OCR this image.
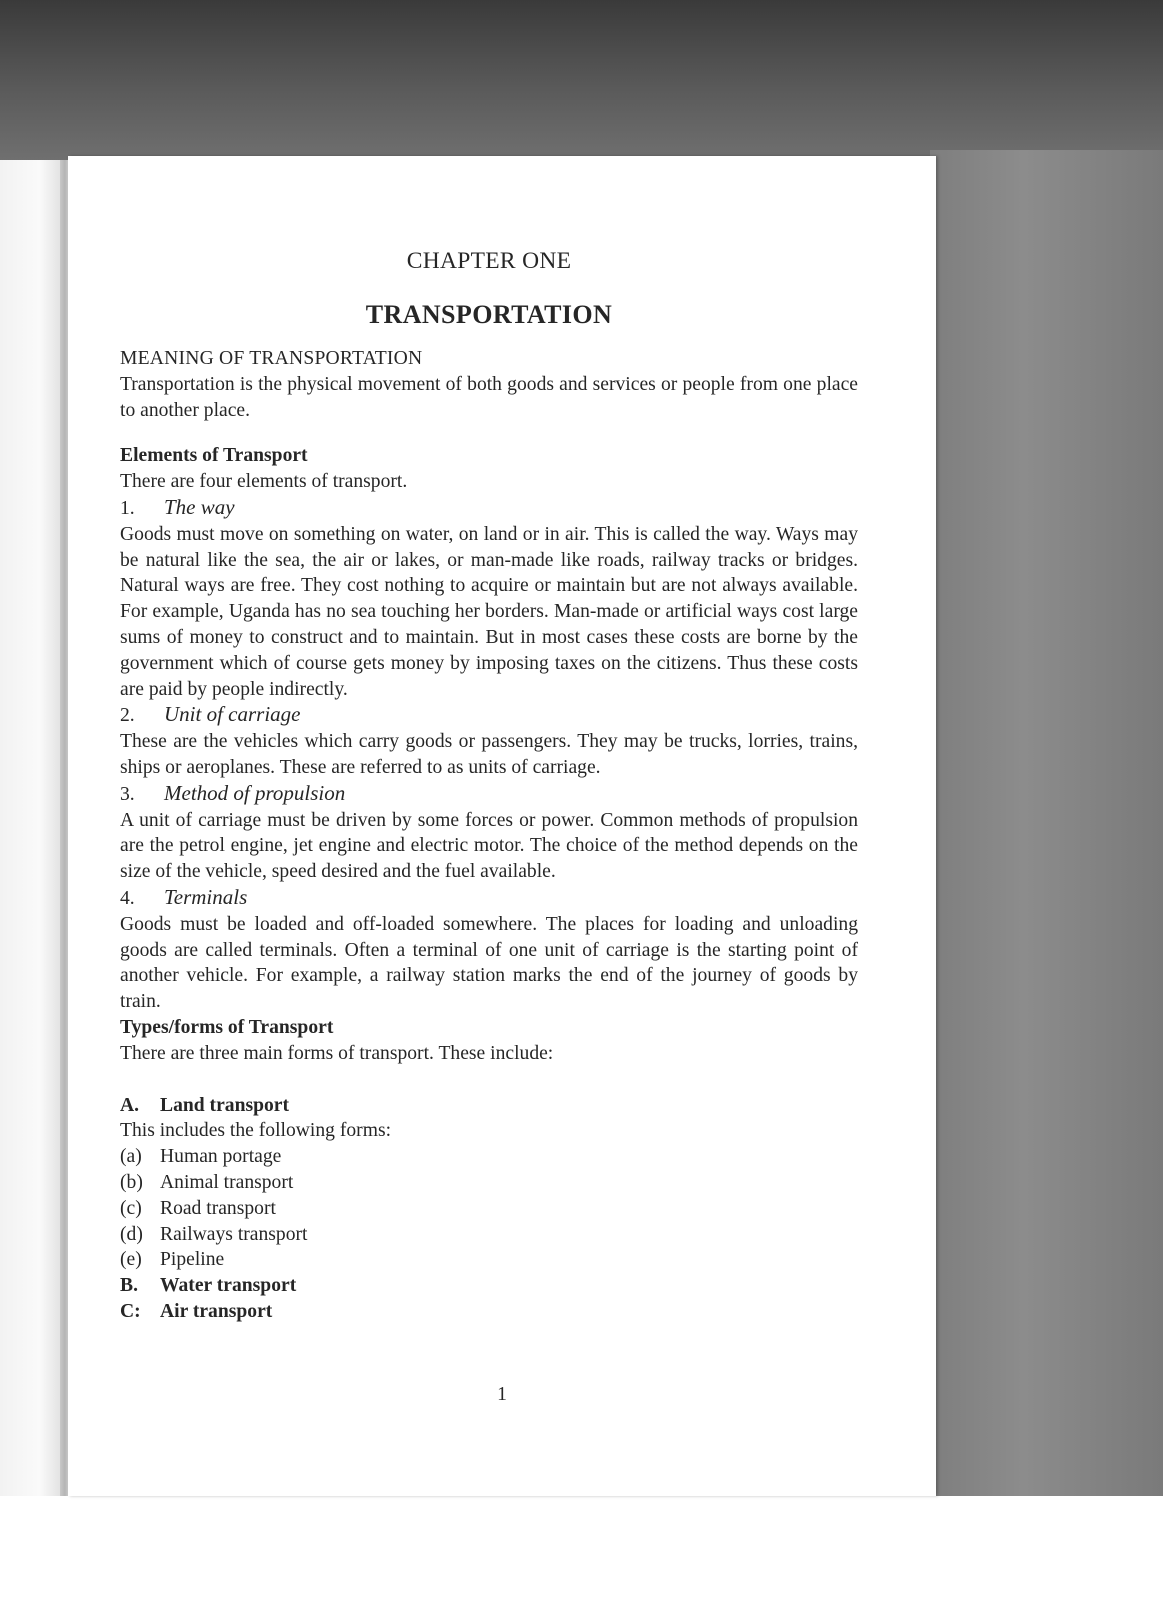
CHAPTER ONE
TRANSPORTATION

MEANING OF TRANSPORTATION

Transportation is the physical movement of both goods and services or people from one place to another place.

Elements of Transport

There are four elements of transport.

1.	The way

Goods must move on something on water, on land or in air. This is called the way. Ways may be natural like the sea, the air or lakes, or man-made like roads, railway tracks or bridges. Natural ways are free. They cost nothing to acquire or maintain but are not always available. For example, Uganda has no sea touching her borders. Man-made or artificial ways cost large sums of money to construct and to maintain. But in most cases these costs are borne by the government which of course gets money by imposing taxes on the citizens. Thus these costs are paid by people indirectly.

2.	Unit of carriage

These are the vehicles which carry goods or passengers. They may be trucks, lorries, trains, ships or aeroplanes. These are referred to as units of carriage.

3.	Method of propulsion

A unit of carriage must be driven by some forces or power. Common methods of propulsion are the petrol engine, jet engine and electric motor. The choice of the method depends on the size of the vehicle, speed desired and the fuel available.

4.	Terminals

Goods must be loaded and off-loaded somewhere. The places for loading and unloading goods are called terminals. Often a terminal of one unit of carriage is the starting point of another vehicle. For example, a railway station marks the end of the journey of goods by train.

Types/forms of Transport

There are three main forms of transport. These include:

A.	Land transport

This includes the following forms:

(a) Human portage
(b) Animal transport
(c) Road transport
(d) Railways transport
(e) Pipeline
B.	Water transport
C: Air transport
1
